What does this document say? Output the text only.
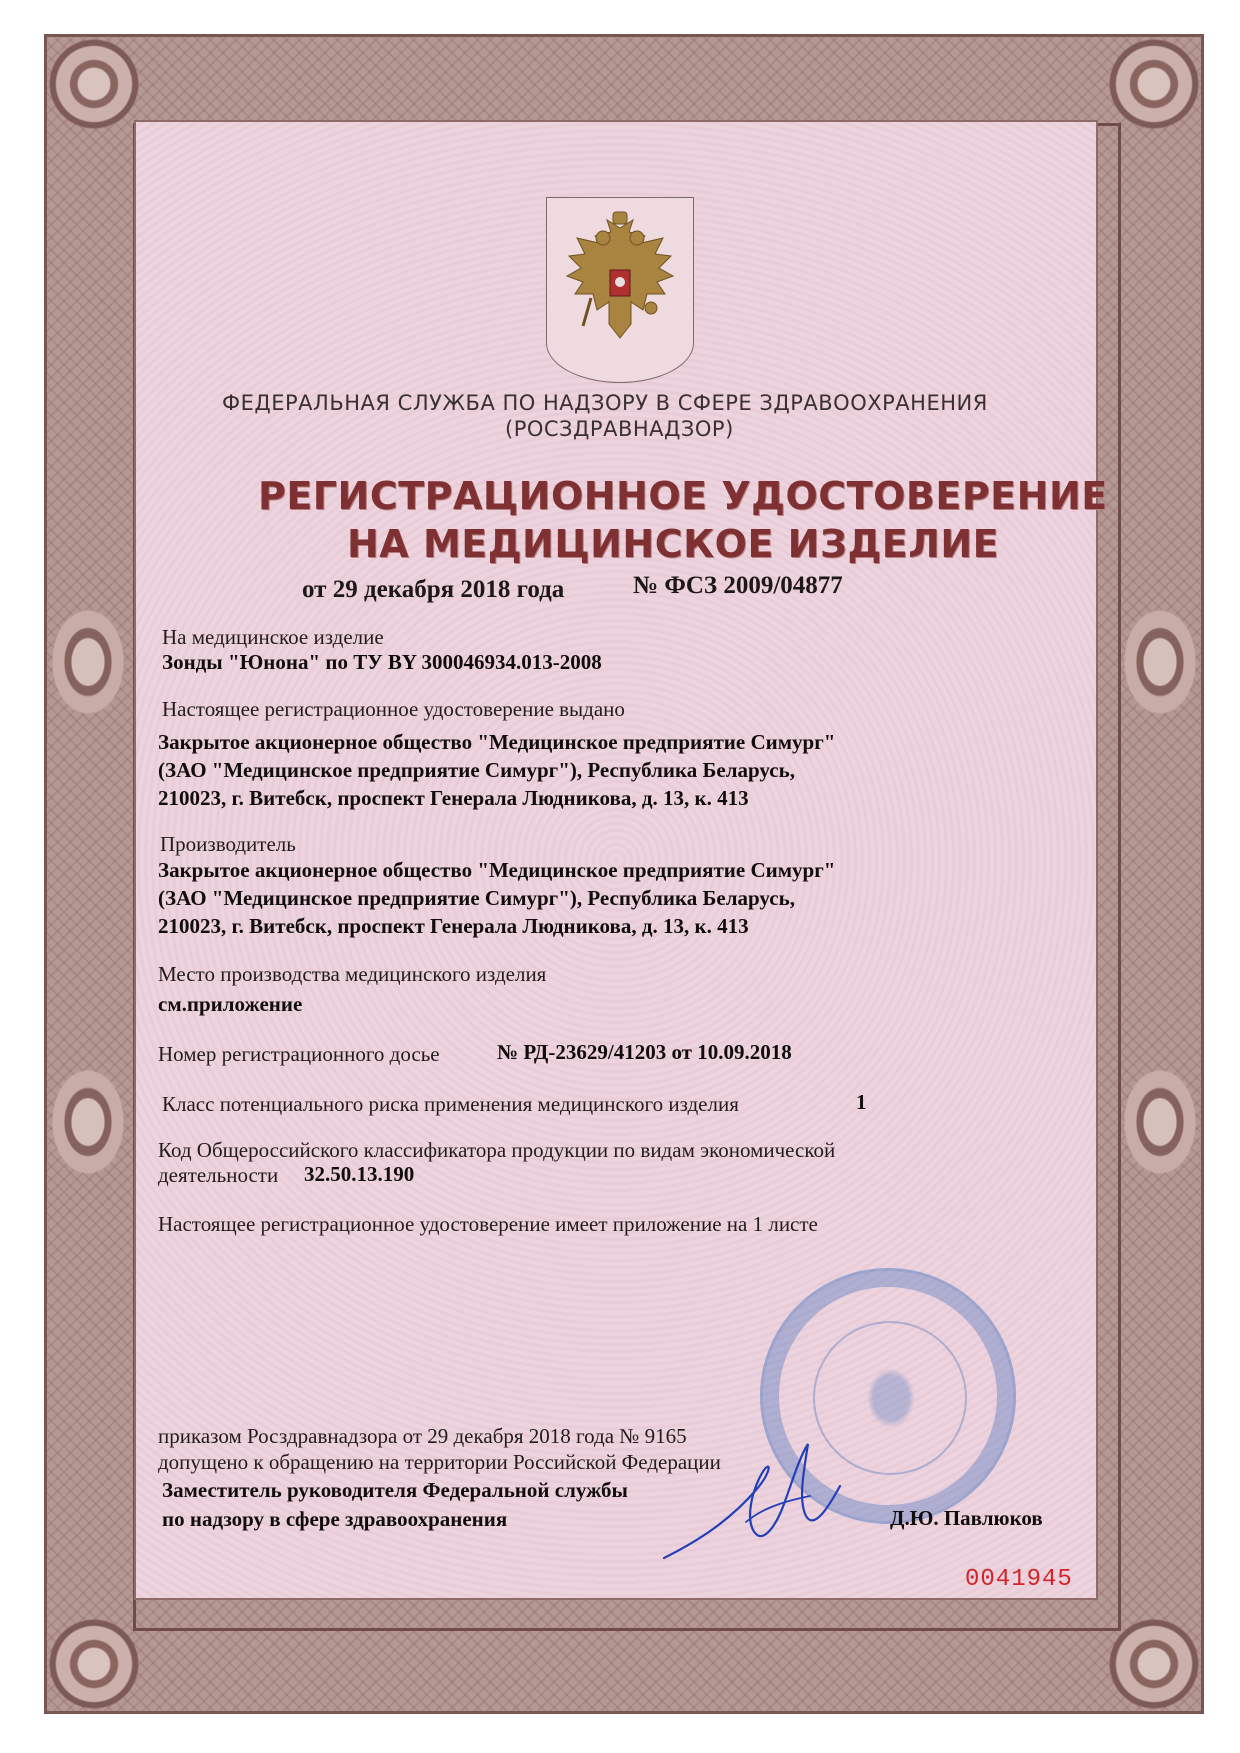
ФЕДЕРАЛЬНАЯ СЛУЖБА ПО НАДЗОРУ В СФЕРЕ ЗДРАВООХРАНЕНИЯ
(РОСЗДРАВНАДЗОР)
РЕГИСТРАЦИОННОЕ УДОСТОВЕРЕНИЕ
НА МЕДИЦИНСКОЕ ИЗДЕЛИЕ
от 29 декабря 2018 года	№ ФСЗ 2009/04877
На медицинское изделие
Зонды "Юнона" по ТУ BY 300046934.013-2008
Настоящее регистрационное удостоверение выдано
Закрытое акционерное общество "Медицинское предприятие Симург"
(ЗАО "Медицинское предприятие Симург"), Республика Беларусь,
210023, г. Витебск, проспект Генерала Людникова, д. 13, к. 413
Производитель
Закрытое акционерное общество "Медицинское предприятие Симург"
(ЗАО "Медицинское предприятие Симург"), Республика Беларусь,
210023, г. Витебск, проспект Генерала Людникова, д. 13, к. 413
Место производства медицинского изделия
см.приложение
Номер регистрационного досье	№ РД-23629/41203 от 10.09.2018
Класс потенциального риска применения медицинского изделия	1
Код Общероссийского классификатора продукции по видам экономической
деятельности 32.50.13.190
Настоящее регистрационное удостоверение имеет приложение на 1 листе
приказом Росздравнадзора от 29 декабря 2018 года № 9165
допущено к обращению на территории Российской Федерации
Заместитель руководителя Федеральной службы
по надзору в сфере здравоохранения	Д.Ю. Павлюков
0041945
